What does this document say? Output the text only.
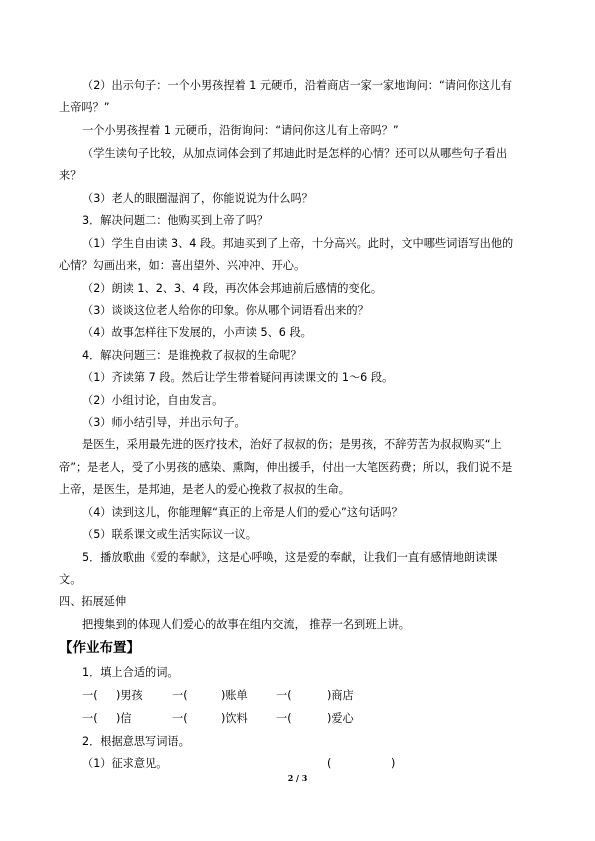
（2）出示句子：一个小男孩捏着 1 元硬币，沿着商店一家一家地询问：“请问你这儿有
上帝吗？”
一个小男孩捏着 1 元硬币，沿街询问：“请问你这儿有上帝吗？”
（学生读句子比较，从加点词体会到了邦迪此时是怎样的心情？还可以从哪些句子看出
来？
（3）老人的眼圈湿润了，你能说说为什么吗？
3．解决问题二：他购买到上帝了吗？
（1）学生自由读 3、4 段。邦迪买到了上帝，十分高兴。此时，文中哪些词语写出他的
心情？勾画出来，如：喜出望外、兴冲冲、开心。
（2）朗读 1、2、3、4 段，再次体会邦迪前后感情的变化。
（3）谈谈这位老人给你的印象。你从哪个词语看出来的？
（4）故事怎样往下发展的，小声读 5、6 段。
4．解决问题三：是谁挽救了叔叔的生命呢？
（1）齐读第 7 段。然后让学生带着疑问再读课文的 1～6 段。
（2）小组讨论，自由发言。
（3）师小结引导，并出示句子。
是医生，采用最先进的医疗技术，治好了叔叔的伤；是男孩，不辞劳苦为叔叔购买“上
帝”；是老人，受了小男孩的感染、熏陶，伸出援手，付出一大笔医药费；所以，我们说不是
上帝，是医生，是邦迪，是老人的爱心挽救了叔叔的生命。
（4）读到这儿，你能理解“真正的上帝是人们的爱心”这句话吗？
（5）联系课文或生活实际议一议。
5．播放歌曲《爱的奉献》，这是心呼唤，这是爱的奉献，让我们一直有感情地朗读课
文。
四、拓展延伸
把搜集到的体现人们爱心的故事在组内交流， 推荐一名到班上讲。
【作业布置】
1．填上合适的词。
一( )男孩	一(	)账单	一(	)商店
一( )信	一(	)饮料	一(	)爱心
2．根据意思写词语。
（1）征求意见。	(	)
2 / 3
